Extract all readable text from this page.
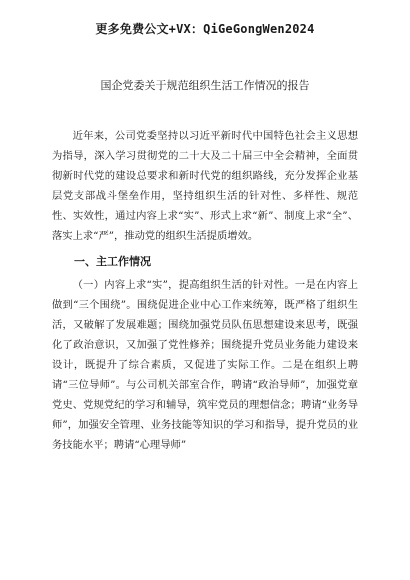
更多免费公文+VX：QiGeGongWen2024
国企党委关于规范组织生活工作情况的报告

近年来，公司党委坚持以习近平新时代中国特色社会主义思想为指导，深入学习贯彻党的二十大及二十届三中全会精神，全面贯彻新时代党的建设总要求和新时代党的组织路线，充分发挥企业基层党支部战斗堡垒作用，坚持组织生活的针对性、多样性、规范性、实效性，通过内容上求“实”、形式上求“新”、制度上求“全”、落实上求“严”，推动党的组织生活提质增效。

一、主工作情况

（一）内容上求“实”，提高组织生活的针对性。一是在内容上做到“三个围绕”。围绕促进企业中心工作来统筹，既严格了组织生活，又破解了发展难题；围绕加强党员队伍思想建设来思考，既强化了政治意识，又加强了党性修养；围绕提升党员业务能力建设来设计，既提升了综合素质，又促进了实际工作。二是在组织上聘请“三位导师”。与公司机关部室合作，聘请“政治导师”，加强党章党史、党规党纪的学习和辅导，筑牢党员的理想信念；聘请“业务导师”，加强安全管理、业务技能等知识的学习和指导，提升党员的业务技能水平；聘请“心理导师”
